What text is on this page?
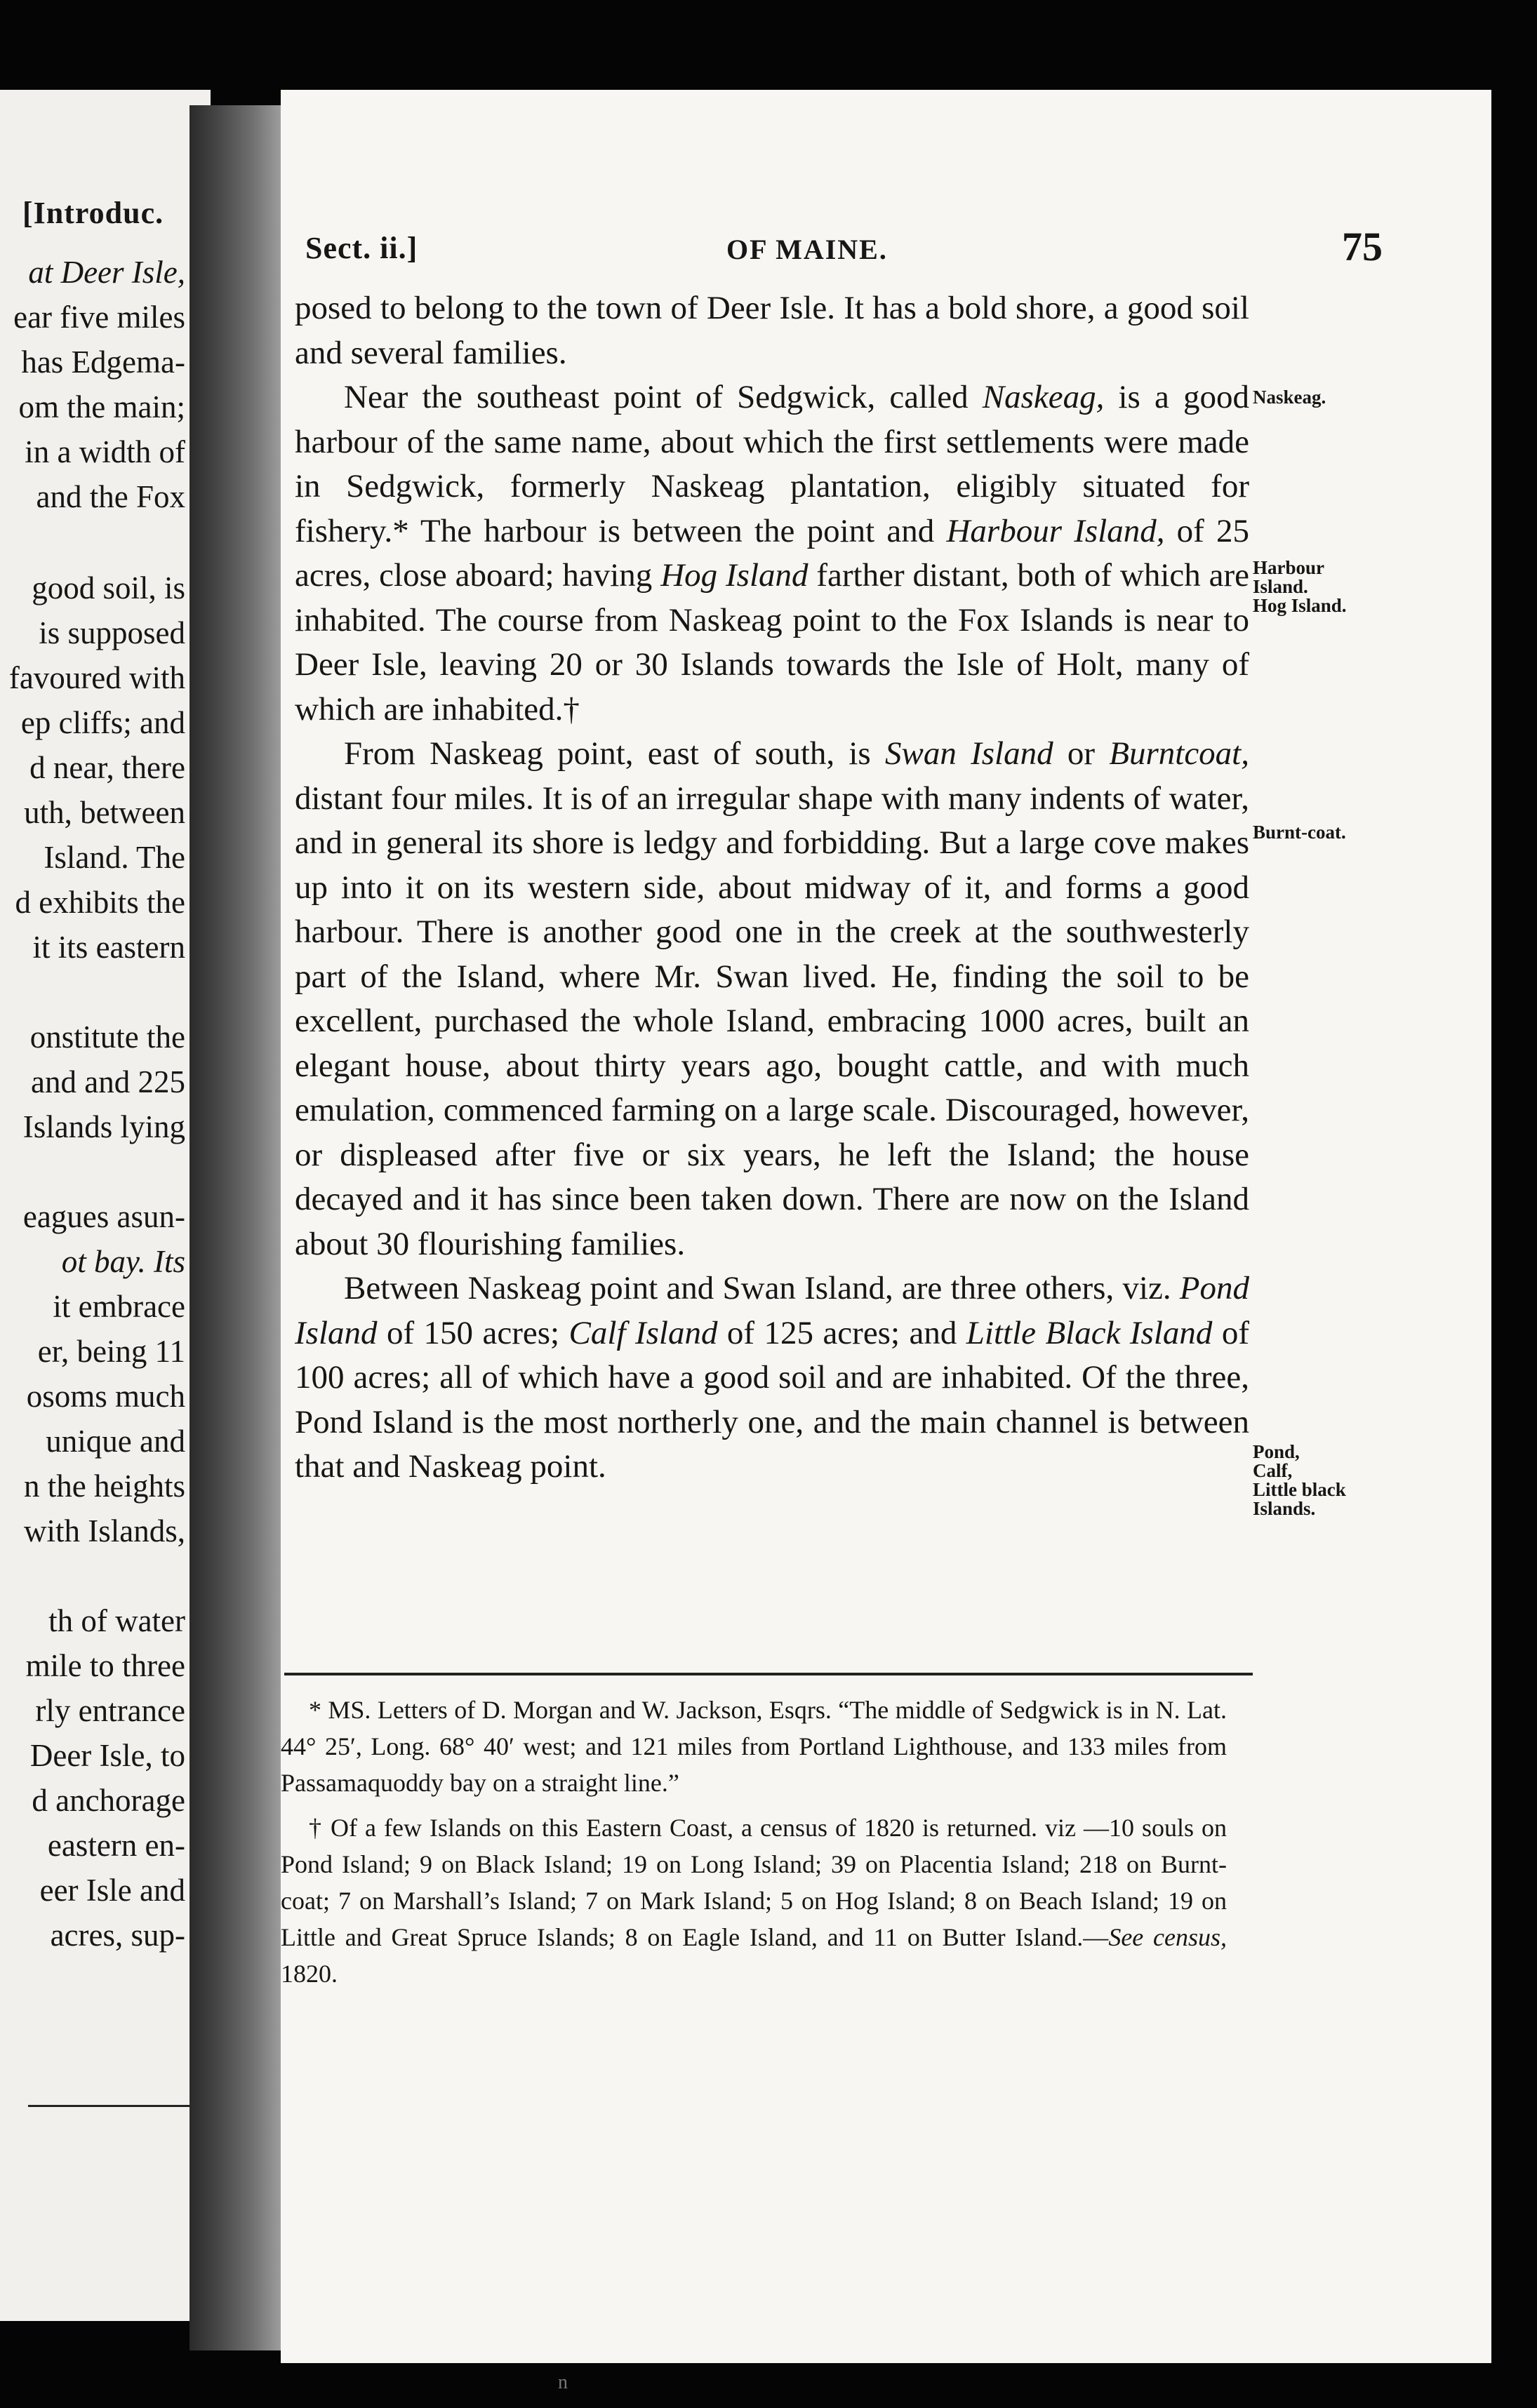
[Introduc.
at Deer Isle,
ear five miles
has Edgema-
om the main;
in a width of
and the Fox
good soil, is
is supposed
favoured with
ep cliffs; and
d near, there
uth, between
Island. The
d exhibits the
it its eastern
onstitute the
and and 225
Islands lying
eagues asun-
ot bay. Its
it embrace
er, being 11
osoms much
unique and
n the heights
with Islands,
th of water
mile to three
rly entrance
Deer Isle, to
d anchorage
eastern en-
eer Isle and
acres, sup-
Sect. ii.]	OF MAINE.	75

posed to belong to the town of Deer Isle. It has a bold shore, a good soil and several families.

Near the southeast point of Sedgwick, called Naskeag, is a good harbour of the same name, about which the first settlements were made in Sedgwick, formerly Naskeag plantation, eligibly situated for fishery.* The harbour is between the point and Harbour Island, of 25 acres, close aboard; having Hog Island farther distant, both of which are inhabited. The course from Naskeag point to the Fox Islands is near to Deer Isle, leaving 20 or 30 Islands towards the Isle of Holt, many of which are inhabited.†

From Naskeag point, east of south, is Swan Island or Burntcoat, distant four miles. It is of an irregular shape with many indents of water, and in general its shore is ledgy and forbidding. But a large cove makes up into it on its western side, about midway of it, and forms a good harbour. There is another good one in the creek at the southwesterly part of the Island, where Mr. Swan lived. He, finding the soil to be excellent, purchased the whole Island, embracing 1000 acres, built an elegant house, about thirty years ago, bought cattle, and with much emulation, commenced farming on a large scale. Discouraged, however, or displeased after five or six years, he left the Island; the house decayed and it has since been taken down. There are now on the Island about 30 flourishing families.

Between Naskeag point and Swan Island, are three others, viz. Pond Island of 150 acres; Calf Island of 125 acres; and Little Black Island of 100 acres; all of which have a good soil and are inhabited. Of the three, Pond Island is the most northerly one, and the main channel is between that and Naskeag point.

* MS. Letters of D. Morgan and W. Jackson, Esqrs. “The middle of Sedgwick is in N. Lat. 44° 25′, Long. 68° 40′ west; and 121 miles from Portland Lighthouse, and 133 miles from Passamaquoddy bay on a straight line.”

† Of a few Islands on this Eastern Coast, a census of 1820 is returned. viz —10 souls on Pond Island; 9 on Black Island; 19 on Long Island; 39 on Placentia Island; 218 on Burnt-coat; 7 on Marshall’s Island; 7 on Mark Island; 5 on Hog Island; 8 on Beach Island; 19 on Little and Great Spruce Islands; 8 on Eagle Island, and 11 on Butter Island.—See census, 1820.

Naskeag.
Harbour
Island.
Hog Island.
Burnt-coat.
Pond,
Calf,
Little black
Islands.
n
